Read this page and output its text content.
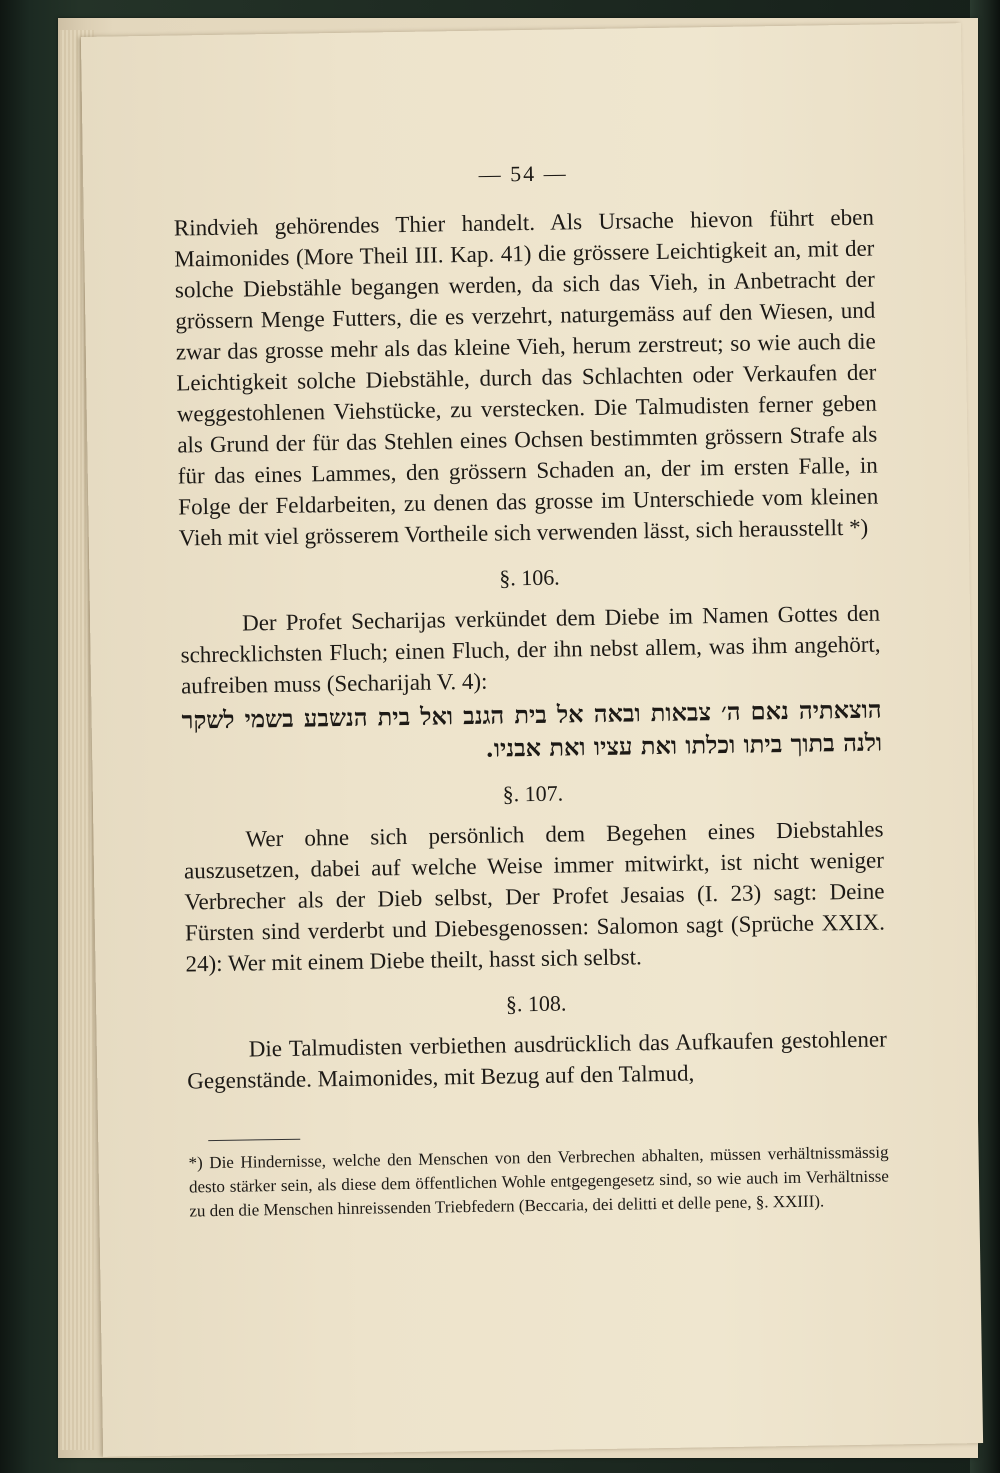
— 54 —

Rindvieh gehörendes Thier handelt. Als Ursache hievon führt eben Maimonides (More Theil III. Kap. 41) die grössere Leichtigkeit an, mit der solche Diebstähle begangen werden, da sich das Vieh, in Anbetracht der grössern Menge Futters, die es verzehrt, naturgemäss auf den Wiesen, und zwar das grosse mehr als das kleine Vieh, herum zerstreut; so wie auch die Leichtigkeit solche Diebstähle, durch das Schlachten oder Verkaufen der weggestohlenen Viehstücke, zu verstecken. Die Talmudisten ferner geben als Grund der für das Stehlen eines Ochsen bestimmten grössern Strafe als für das eines Lammes, den grössern Schaden an, der im ersten Falle, in Folge der Feldarbeiten, zu denen das grosse im Unterschiede vom kleinen Vieh mit viel grösserem Vortheile sich verwenden lässt, sich herausstellt *)

§. 106.

Der Profet Secharijas verkündet dem Diebe im Namen Gottes den schrecklichsten Fluch; einen Fluch, der ihn nebst allem, was ihm angehört, aufreiben muss (Secharijah V. 4):

הוצאתיה נאם ה׳ צבאות ובאה אל בית הגנב ואל בית הנשבע בשמי לשקר ולנה בתוך ביתו וכלתו ואת עציו ואת אבניו.

§. 107.

Wer ohne sich persönlich dem Begehen eines Diebstahles auszusetzen, dabei auf welche Weise immer mitwirkt, ist nicht weniger Verbrecher als der Dieb selbst, Der Profet Jesaias (I. 23) sagt: Deine Fürsten sind verderbt und Diebesgenossen: Salomon sagt (Sprüche XXIX. 24): Wer mit einem Diebe theilt, hasst sich selbst.

§. 108.

Die Talmudisten verbiethen ausdrücklich das Aufkaufen gestohlener Gegenstände. Maimonides, mit Bezug auf den Talmud,

*) Die Hindernisse, welche den Menschen von den Verbrechen abhalten, müssen verhältnissmässig desto stärker sein, als diese dem öffentlichen Wohle entgegengesetz sind, so wie auch im Verhältnisse zu den die Menschen hinreissenden Triebfedern (Beccaria, dei delitti et delle pene, §. XXIII).
